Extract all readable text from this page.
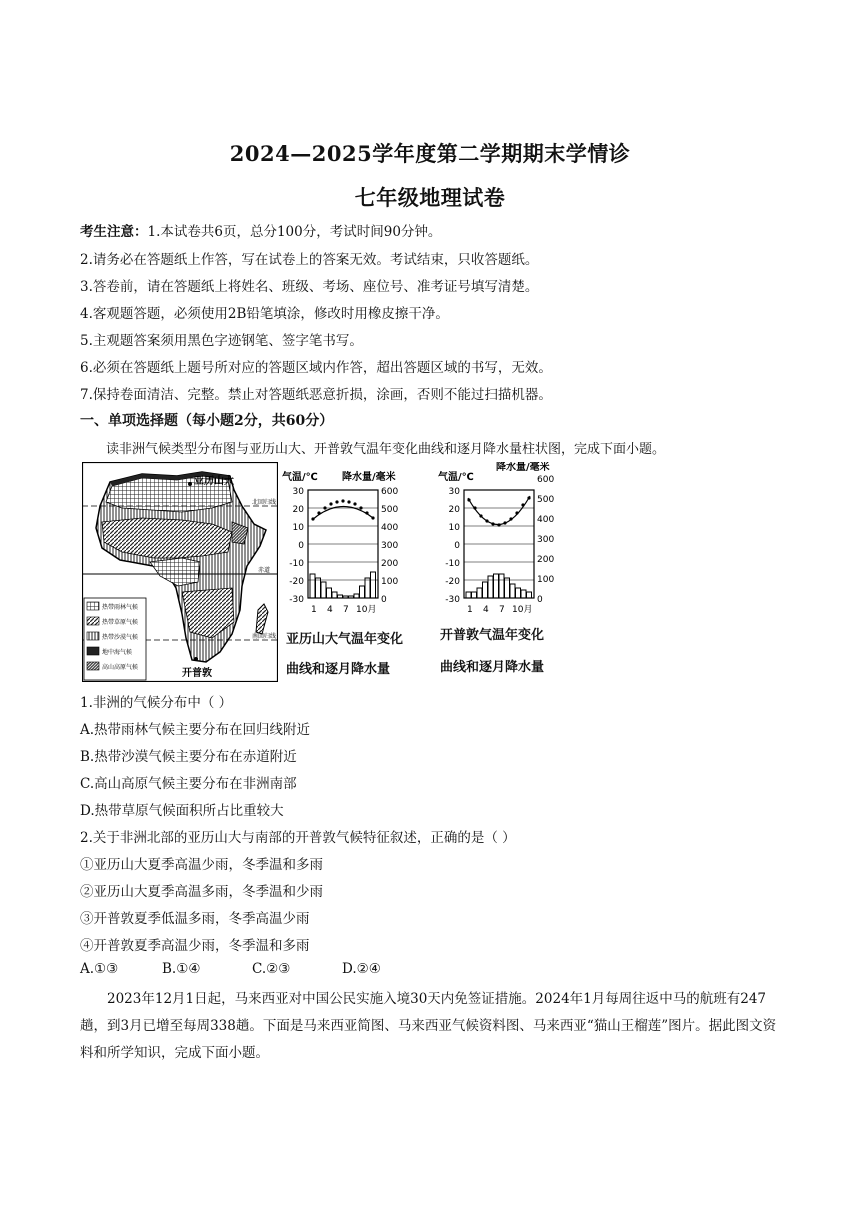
2024—2025学年度第二学期期末学情诊
七年级地理试卷
考生注意：1.本试卷共6页，总分100分，考试时间90分钟。
2.请务必在答题纸上作答，写在试卷上的答案无效。考试结束，只收答题纸。
3.答卷前，请在答题纸上将姓名、班级、考场、座位号、准考证号填写清楚。
4.客观题答题，必须使用2B铅笔填涂，修改时用橡皮擦干净。
5.主观题答案须用黑色字迹钢笔、签字笔书写。
6.必须在答题纸上题号所对应的答题区域内作答，超出答题区域的书写，无效。
7.保持卷面清洁、完整。禁止对答题纸恶意折损，涂画，否则不能过扫描机器。
一、单项选择题（每小题2分，共60分）
读非洲气候类型分布图与亚历山大、开普敦气温年变化曲线和逐月降水量柱状图，完成下面小题。
亚历山大
开普敦
北回归线
赤道
南回归线
热带雨林气候
热带草原气候
热带沙漠气候
地中海气候
高山高原气候
气温/℃ 降水量/毫米
30
20
10
0
-10
-20
-30
600
500
400
300
200
100
0
1 4 7 10月
亚历山大气温年变化
曲线和逐月降水量
气温/℃
降水量/毫米
30
20
10
0
-10
-20
-30
600
500
400
300
200
100
0
1 4 7 10月
开普敦气温年变化
曲线和逐月降水量
1.非洲的气候分布中（ ）
A.热带雨林气候主要分布在回归线附近
B.热带沙漠气候主要分布在赤道附近
C.高山高原气候主要分布在非洲南部
D.热带草原气候面积所占比重较大
2.关于非洲北部的亚历山大与南部的开普敦气候特征叙述，正确的是（ ）
①亚历山大夏季高温少雨，冬季温和多雨
②亚历山大夏季高温多雨，冬季温和少雨
③开普敦夏季低温多雨，冬季高温少雨
④开普敦夏季高温少雨，冬季温和多雨
A.①③	B.①④	C.②③	D.②④
2023年12月1日起，马来西亚对中国公民实施入境30天内免签证措施。2024年1月每周往返中马的航班有247趟，到3月已增至每周338趟。下面是马来西亚简图、马来西亚气候资料图、马来西亚“猫山王榴莲”图片。据此图文资料和所学知识，完成下面小题。
